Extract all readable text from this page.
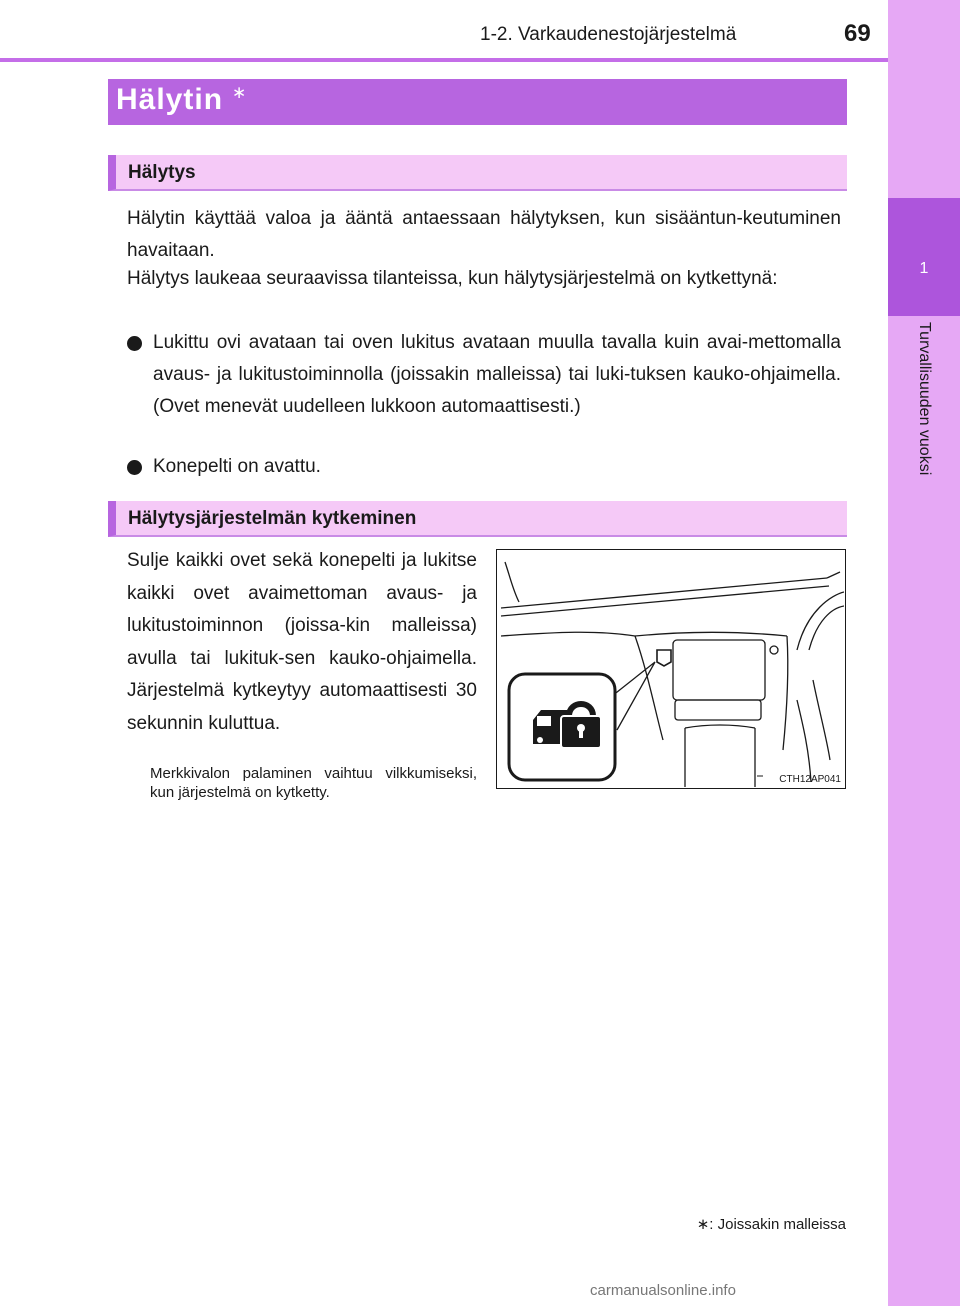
1-2. Varkaudenestojärjestelmä	69
1
Turvallisuuden vuoksi
Hälytin ∗
Hälytys

Hälytin käyttää valoa ja ääntä antaessaan hälytyksen, kun sisääntun-keutuminen havaitaan.

Hälytys laukeaa seuraavissa tilanteissa, kun hälytysjärjestelmä on kytkettynä:

Lukittu ovi avataan tai oven lukitus avataan muulla tavalla kuin avai-mettomalla avaus- ja lukitustoiminnolla (joissakin malleissa) tai luki-tuksen kauko-ohjaimella. (Ovet menevät uudelleen lukkoon automaattisesti.)
Konepelti on avattu.
Hälytysjärjestelmän kytkeminen

Sulje kaikki ovet sekä konepelti ja lukitse kaikki ovet avaimettoman avaus- ja lukitustoiminnon (joissa-kin malleissa) avulla tai lukituk-sen kauko-ohjaimella. Järjestelmä kytkeytyy automaattisesti 30 sekunnin kuluttua.

Merkkivalon palaminen vaihtuu vilkkumiseksi, kun järjestelmä on kytketty.

CTH12AP041
∗: Joissakin malleissa
carmanualsonline.info
